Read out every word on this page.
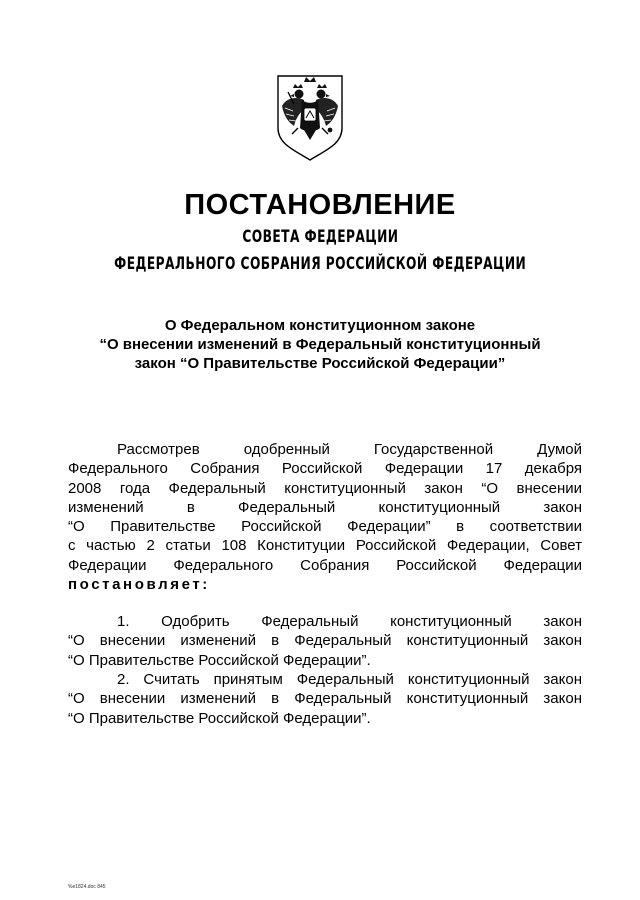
ПОСТАНОВЛЕНИЕ
СОВЕТА ФЕДЕРАЦИИ
ФЕДЕРАЛЬНОГО СОБРАНИЯ РОССИЙСКОЙ ФЕДЕРАЦИИ
О Федеральном конституционном законе
“О внесении изменений в Федеральный конституционный
закон “О Правительстве Российской Федерации”
Рассмотрев одобренный Государственной Думой
Федерального Собрания Российской Федерации 17 декабря
2008 года Федеральный конституционный закон “О внесении
изменений в Федеральный конституционный закон
“О Правительстве Российской Федерации” в соответствии
с частью 2 статьи 108 Конституции Российской Федерации, Совет
Федерации Федерального Собрания Российской Федерации
постановляет:
1. Одобрить Федеральный конституционный закон
“О внесении изменений в Федеральный конституционный закон
“О Правительстве Российской Федерации”.
2. Считать принятым Федеральный конституционный закон
“О внесении изменений в Федеральный конституционный закон
“О Правительстве Российской Федерации”.
%e1824.doc 845
